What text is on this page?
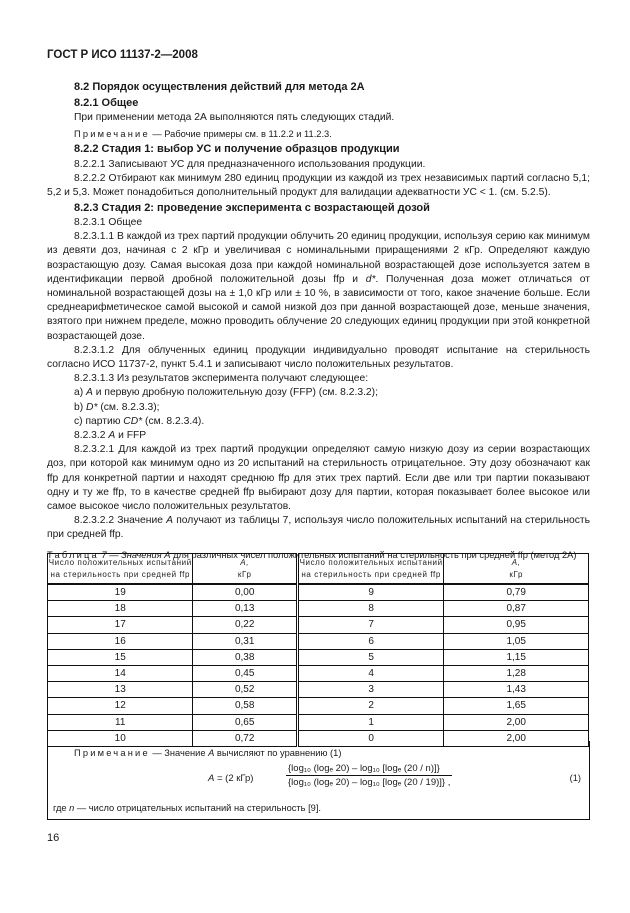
ГОСТ Р ИСО 11137-2—2008

8.2 Порядок осуществления действий для метода 2А

8.2.1 Общее

При применении метода 2А выполняются пять следующих стадий.

Примечание — Рабочие примеры см. в 11.2.2 и 11.2.3.

8.2.2 Стадия 1: выбор УС и получение образцов продукции

8.2.2.1 Записывают УС для предназначенного использования продукции.

8.2.2.2 Отбирают как минимум 280 единиц продукции из каждой из трех независимых партий согласно 5,1; 5,2 и 5,3. Может понадобиться дополнительный продукт для валидации адекватности УС < 1. (см. 5.2.5).

8.2.3 Стадия 2: проведение эксперимента с возрастающей дозой

8.2.3.1 Общее

8.2.3.1.1 В каждой из трех партий продукции облучить 20 единиц продукции, используя серию как минимум из девяти доз, начиная с 2 кГр и увеличивая с номинальными приращениями 2 кГр. Определяют каждую возрастающую дозу. Самая высокая доза при каждой номинальной возрастающей дозе используется затем в идентификации первой дробной положительной дозы ffp и d*. Полученная доза может отличаться от номинальной возрастающей дозы на ± 1,0 кГр или ± 10 %, в зависимости от того, какое значение больше. Если среднеарифметическое самой высокой и самой низкой доз при данной возрастающей дозе, меньше значения, взятого при нижнем пределе, можно проводить облучение 20 следующих единиц продукции при этой конкретной возрастающей дозе.

8.2.3.1.2 Для облученных единиц продукции индивидуально проводят испытание на стерильность согласно ИСО 11737-2, пункт 5.4.1 и записывают число положительных результатов.

8.2.3.1.3 Из результатов эксперимента получают следующее:

a) A и первую дробную положительную дозу (FFP) (см. 8.2.3.2);

b) D* (см. 8.2.3.3);

c) партию CD* (см. 8.2.3.4).

8.2.3.2 A и FFP

8.2.3.2.1 Для каждой из трех партий продукции определяют самую низкую дозу из серии возрастающих доз, при которой как минимум одно из 20 испытаний на стерильность отрицательное. Эту дозу обозначают как ffp для конкретной партии и находят среднюю ffp для этих трех партий. Если две или три партии показывают одну и ту же ffp, то в качестве средней ffp выбирают дозу для партии, которая показывает более высокое или самое высокое число положительных результатов.

8.2.3.2.2 Значение A получают из таблицы 7, используя число положительных испытаний на стерильность при средней ffp.

Таблица 7 — Значения A для различных чисел положительных испытаний на стерильность при средней ffp (метод 2А)

Число положительных испытаний
на стерильность при средней ffp	A,
кГр	Число положительных испытаний
на стерильность при средней ffp	A,
кГр
19	0,00	9	0,79
18	0,13	8	0,87
17	0,22	7	0,95
16	0,31	6	1,05
15	0,38	5	1,15
14	0,45	4	1,28
13	0,52	3	1,43
12	0,58	2	1,65
11	0,65	1	2,00
10	0,72	0	2,00
Примечание — Значение A вычисляют по уравнению (1)
A = (2 кГр)	$\frac{\text{\{log₁₀ (logₑ 20) – log₁₀ [logₑ (20 / n)]\}}}{\text{\{log₁₀ (logₑ 20) – log₁₀ [logₑ (20 / 19)]\} ,}}$	(1)
где n — число отрицательных испытаний на стерильность [9].
16
